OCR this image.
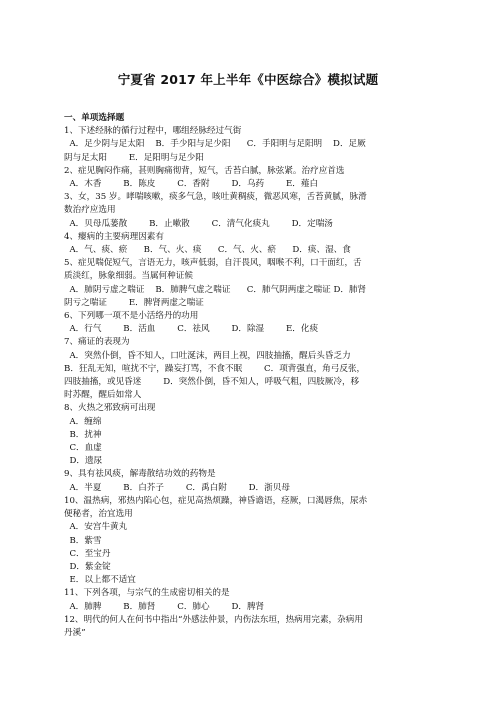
宁夏省 2017 年上半年《中医综合》模拟试题
一、单项选择题
1、下述经脉的循行过程中，哪组经脉经过气街
A．足少阴与足太阳    B．手少阳与足少阳      C．手阳明与足阳明    D．足厥
阴与足太阳        E．足阳明与足少阳
2、症见胸闷作痛，甚则胸痛彻背，短气，舌苔白腻，脉弦紧。治疗应首选
A．木香        B．陈皮        C．香附        D．乌药        E．薤白
3、女，35 岁。哮喘咳嗽，痰多气急，咳吐黄稠痰，微恶风寒，舌苔黄腻，脉滑
数治疗应选用
A．贝母瓜蒌散        B．止嗽散        C．清气化痰丸        D．定喘汤
4、瘿病的主要病理因素有
A．气、痰、瘀      B．气、火、痰      C．气、火、瘀      D．痰、湿、食
5、症见喘促短气，言语无力，咳声低弱，自汗畏风，咽喉不利，口干面红，舌
质淡红，脉象细弱。当属何种证候
A．肺阴亏虚之喘证    B．肺脾气虚之喘证      C．肺气阴两虚之喘证 D．肺肾
阴亏之喘证        E．脾肾两虚之喘证
6、下列哪一项不是小活络丹的功用
A．行气        B．活血        C．祛风        D．除湿        E．化痰
7、痛证的表现为
A．突然仆倒，昏不知人，口吐涎沫，两目上视，四肢抽搐，醒后头昏乏力
B．狂乱无知，喧扰不宁，躁妄打骂，不食不眠        C．项背强直，角弓反张，
四肢抽搐，或见昏迷        D．突然仆倒，昏不知人，呼吸气粗，四肢厥冷，移
时苏醒，醒后如常人
8、火热之邪致病可出现
A．缠绵
B．扰神
C．血虚
D．遗尿
9、具有祛风痰，解毒散结功效的药物是
A．半夏        B．白芥子        C．禹白附        D．浙贝母
10、温热病，邪热内陷心包，症见高热烦躁，神昏谵语，痉厥，口渴唇焦，尿赤
便秘者，治宜选用
A．安宫牛黄丸
B．紫雪
C．至宝丹
D．紫金锭
E．以上都不适宜
11、下列各项，与宗气的生成密切相关的是
A．肺脾        B．肺肾        C．肺心        D．脾肾
12、明代的何人在何书中指出“外感法仲景，内伤法东垣，热病用完素，杂病用
丹溪”
